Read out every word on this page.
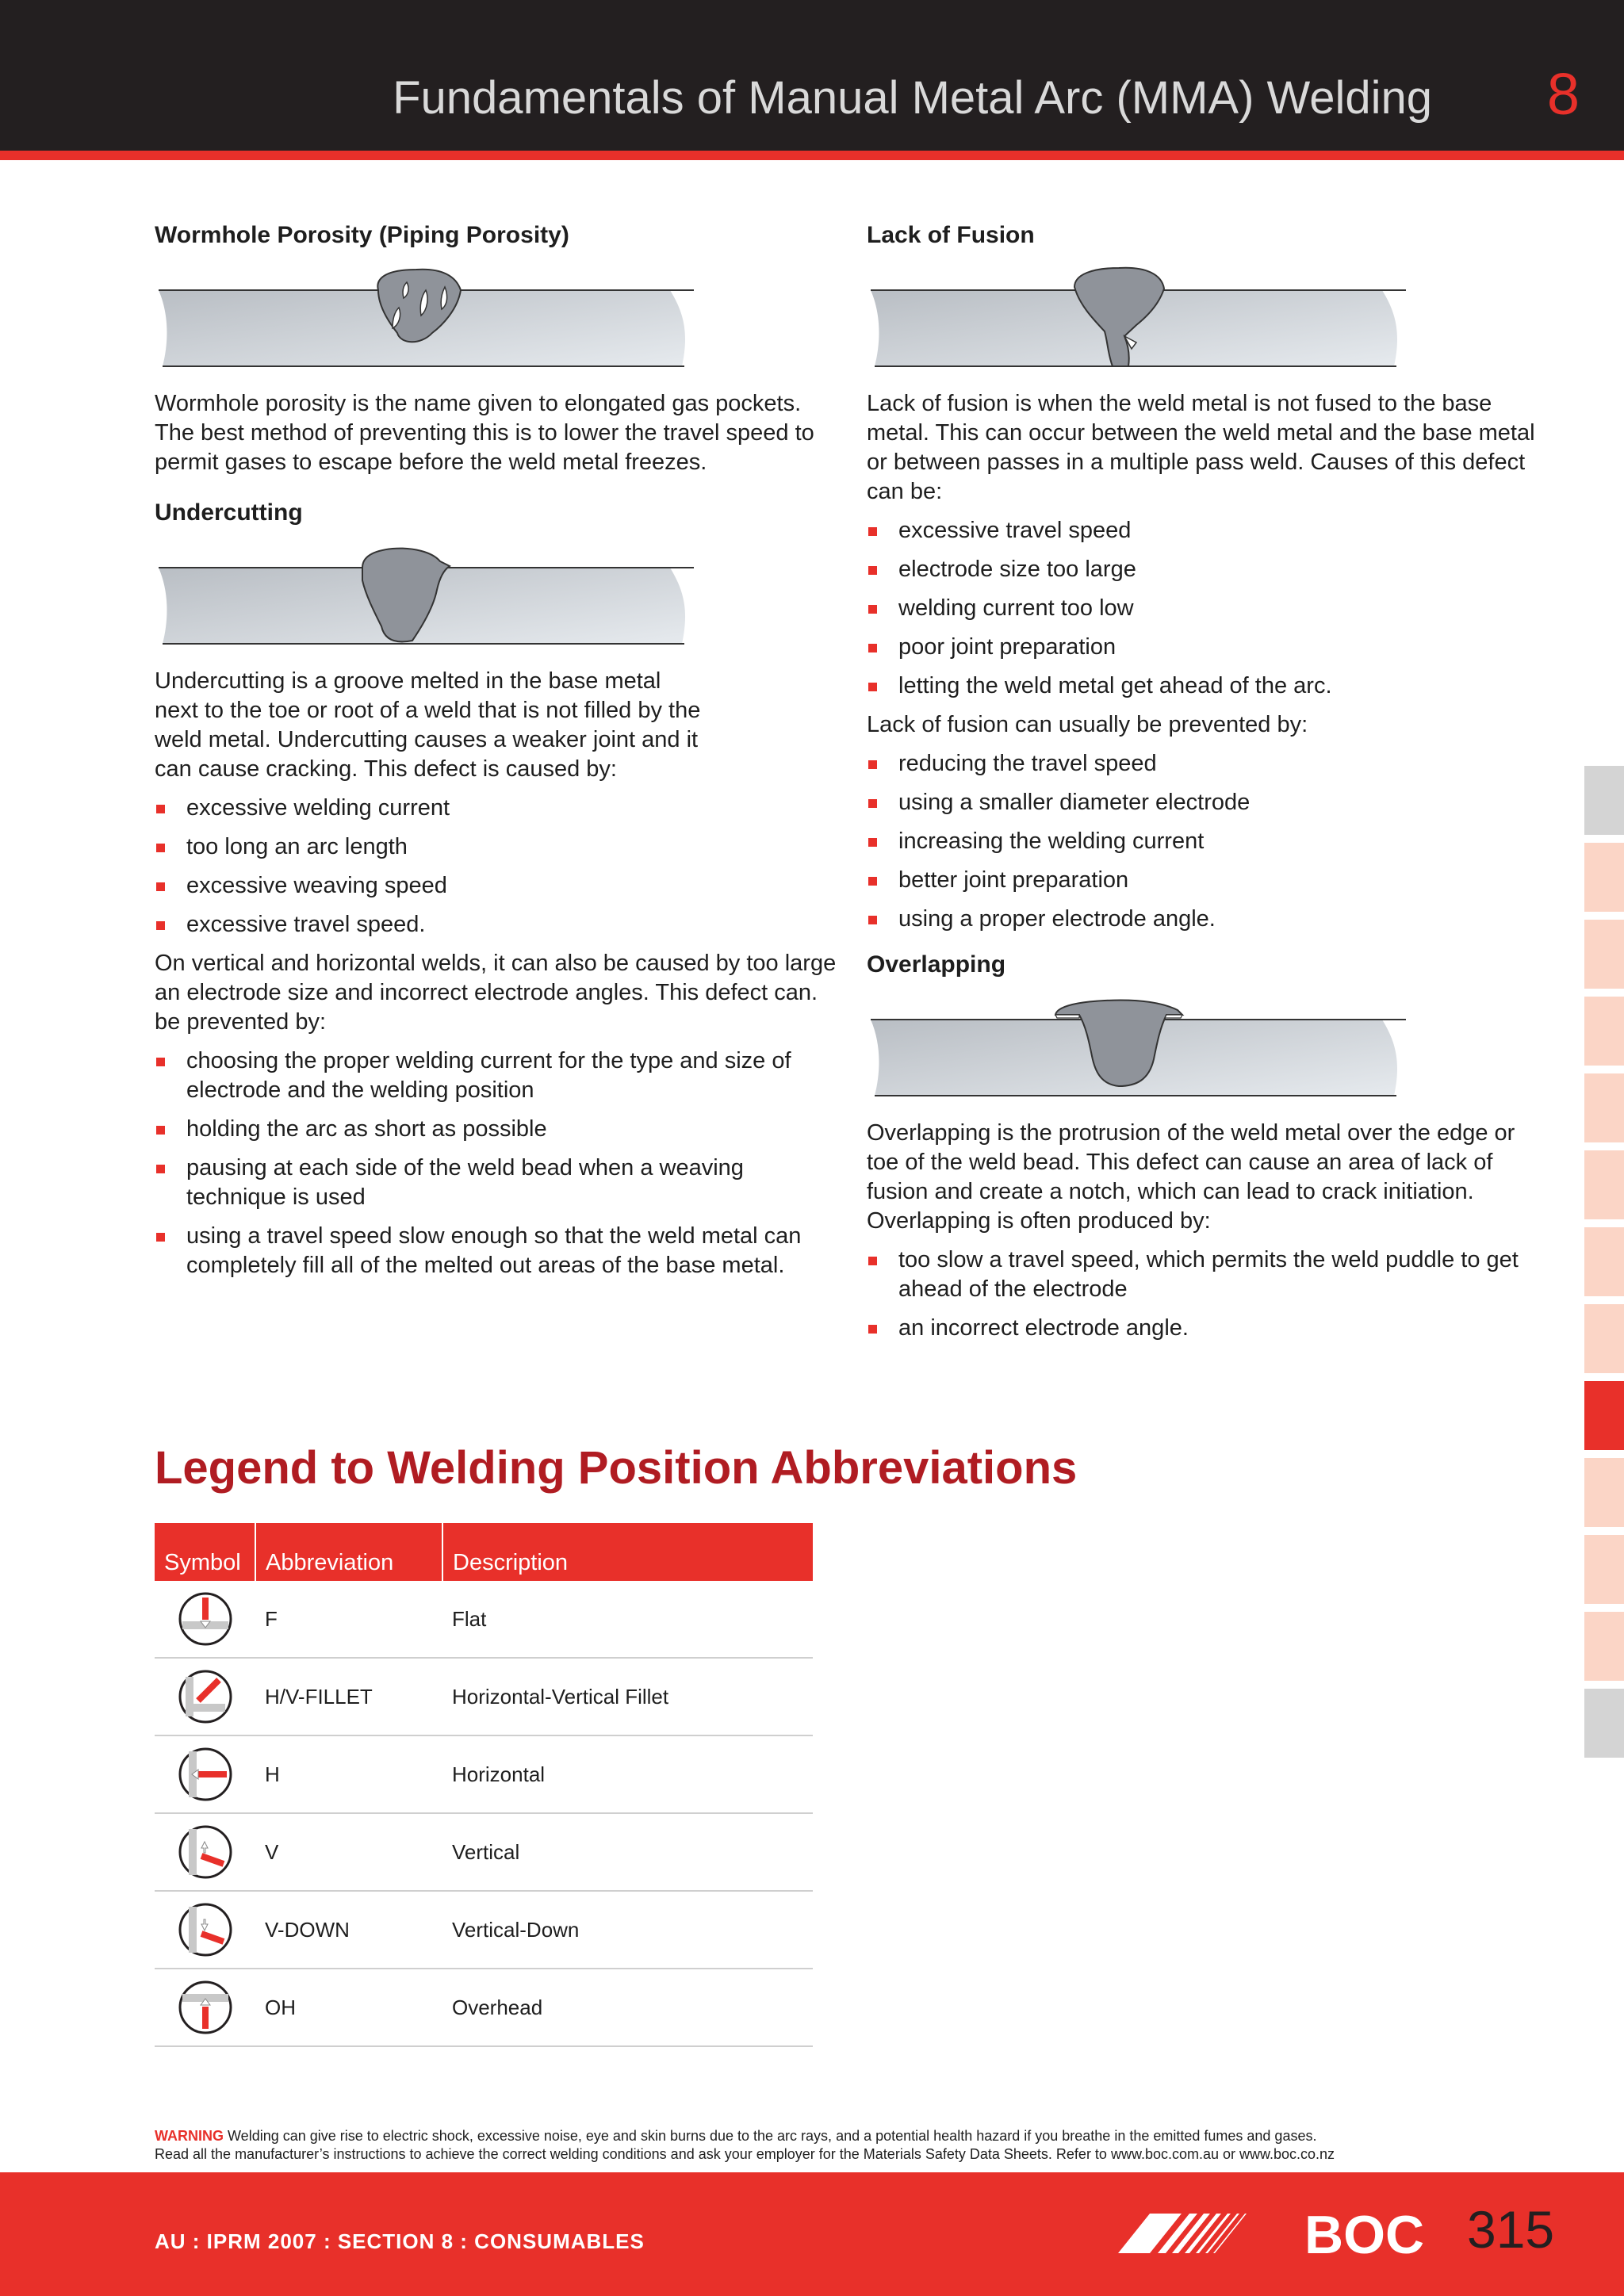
Fundamentals of Manual Metal Arc (MMA) Welding 8
Wormhole Porosity (Piping Porosity)

Wormhole porosity is the name given to elongated gas pockets. The best method of preventing this is to lower the travel speed to permit gases to escape before the weld metal freezes.

Undercutting

Undercutting is a groove melted in the base metal next to the toe or root of a weld that is not filled by the weld metal. Undercutting causes a weaker joint and it can cause cracking. This defect is caused by:

excessive welding current
too long an arc length
excessive weaving speed
excessive travel speed.

On vertical and horizontal welds, it can also be caused by too large an electrode size and incorrect electrode angles. This defect can. be prevented by:

choosing the proper welding current for the type and size of electrode and the welding position
holding the arc as short as possible
pausing at each side of the weld bead when a weaving technique is used
using a travel speed slow enough so that the weld metal can completely fill all of the melted out areas of the base metal.
Lack of Fusion

Lack of fusion is when the weld metal is not fused to the base metal. This can occur between the weld metal and the base metal or between passes in a multiple pass weld. Causes of this defect can be:

excessive travel speed
electrode size too large
welding current too low
poor joint preparation
letting the weld metal get ahead of the arc.

Lack of fusion can usually be prevented by:

reducing the travel speed
using a smaller diameter electrode
increasing the welding current
better joint preparation
using a proper electrode angle.
Overlapping

Overlapping is the protrusion of the weld metal over the edge or toe of the weld bead. This defect can cause an area of lack of fusion and create a notch, which can lead to crack initiation. Overlapping is often produced by:

too slow a travel speed, which permits the weld puddle to get ahead of the electrode
an incorrect electrode angle.
Legend to Welding Position Abbreviations
Symbol	Abbreviation	Description

	F	Flat

	H/V-FILLET	Horizontal-Vertical Fillet

	H	Horizontal

	V	Vertical

	V-DOWN	Vertical-Down

	OH	Overhead
WARNING Welding can give rise to electric shock, excessive noise, eye and skin burns due to the arc rays, and a potential health hazard if you breathe in the emitted fumes and gases.
Read all the manufacturer’s instructions to achieve the correct welding conditions and ask your employer for the Materials Safety Data Sheets. Refer to www.boc.com.au or www.boc.co.nz
AU : IPRM 2007 : SECTION 8 : CONSUMABLES	BOC 315
